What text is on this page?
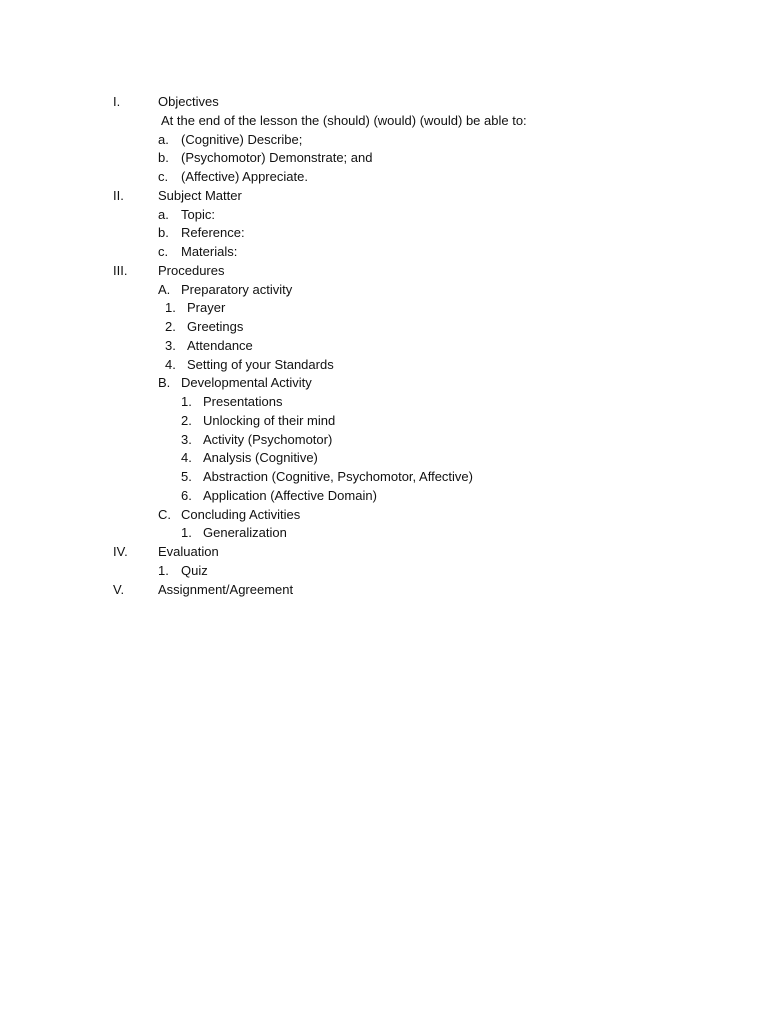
I.	Objectives
At the end of the lesson the (should) (would) (would) be able to:
a. (Cognitive) Describe;
b. (Psychomotor) Demonstrate; and
c. (Affective) Appreciate.
II.	Subject Matter
a. Topic:
b. Reference:
c. Materials:
III. Procedures
A. Preparatory activity
1. Prayer
2. Greetings
3. Attendance
4. Setting of your Standards
B. Developmental Activity
1. Presentations
2. Unlocking of their mind
3. Activity (Psychomotor)
4. Analysis (Cognitive)
5. Abstraction (Cognitive, Psychomotor, Affective)
6. Application (Affective Domain)
C. Concluding Activities
1. Generalization
IV. Evaluation
1. Quiz
V.	Assignment/Agreement
